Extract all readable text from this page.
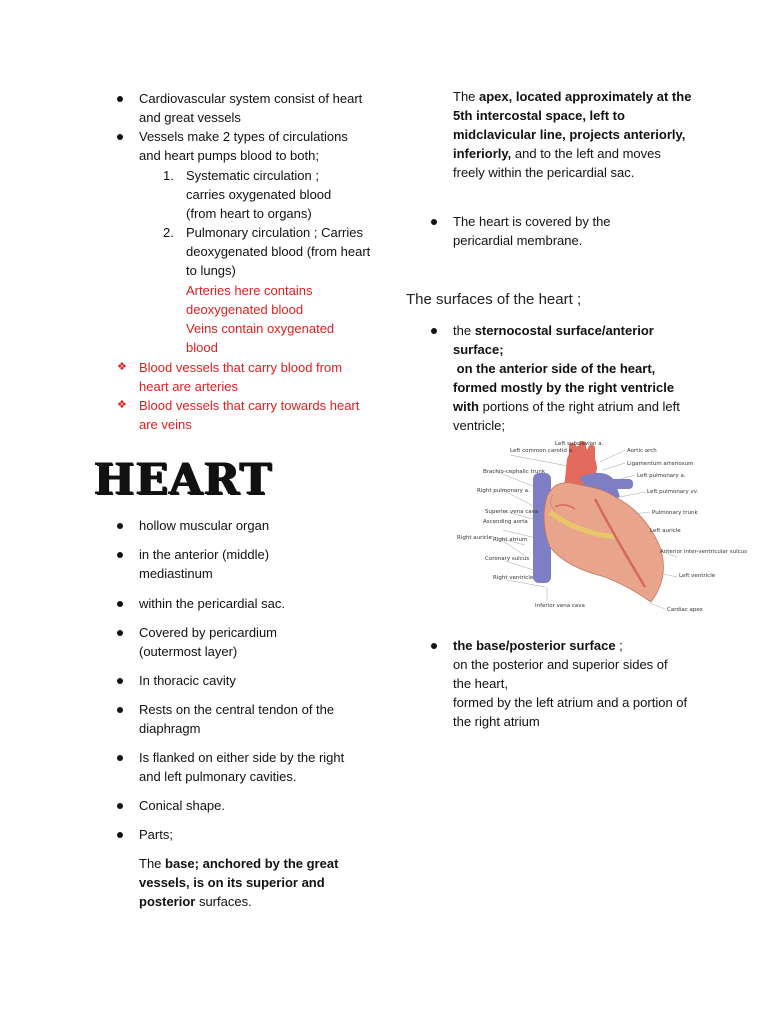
Cardiovascular system consist of heart and great vessels
Vessels make 2 types of circulations and heart pumps blood to both;
1. Systematic circulation ; carries oxygenated blood (from heart to organs)
2. Pulmonary circulation ; Carries deoxygenated blood (from heart to lungs)
Arteries here contains deoxygenated blood
Veins contain oxygenated blood
❖ Blood vessels that carry blood from heart are arteries
❖ Blood vessels that carry towards heart are veins
HEART
hollow muscular organ
in the anterior (middle) mediastinum
within the pericardial sac.
Covered by pericardium (outermost layer)
In thoracic cavity
Rests on the central tendon of the diaphragm
Is flanked on either side by the right and left pulmonary cavities.
Conical shape.
Parts;
The base; anchored by the great vessels, is on its superior and posterior surfaces.
The apex, located approximately at the 5th intercostal space, left to midclavicular line, projects anteriorly, inferiorly, and to the left and moves freely within the pericardial sac.
The heart is covered by the pericardial membrane.
The surfaces of the heart ;
the sternocostal surface/anterior surface;
on the anterior side of the heart, formed mostly by the right ventricle with portions of the right atrium and left ventricle;
Left subclavian a.
Left common carotid a.	Aortic arch
Ligamentum arteriosum
Left pulmonary a.
Brachio-cephalic trunk
Left pulmonary vv.
Right pulmonary a.
Superior vena cava
Ascending aorta
Pulmonary trunk
Left auricle
Right auricle Right atrium
Coronary sulcus
Anterior inter-ventricular sulcus
Right ventricle	Left ventricle
Inferior vena cava
Cardiac apex
the base/posterior surface ;
on the posterior and superior sides of the heart,
formed by the left atrium and a portion of the right atrium
